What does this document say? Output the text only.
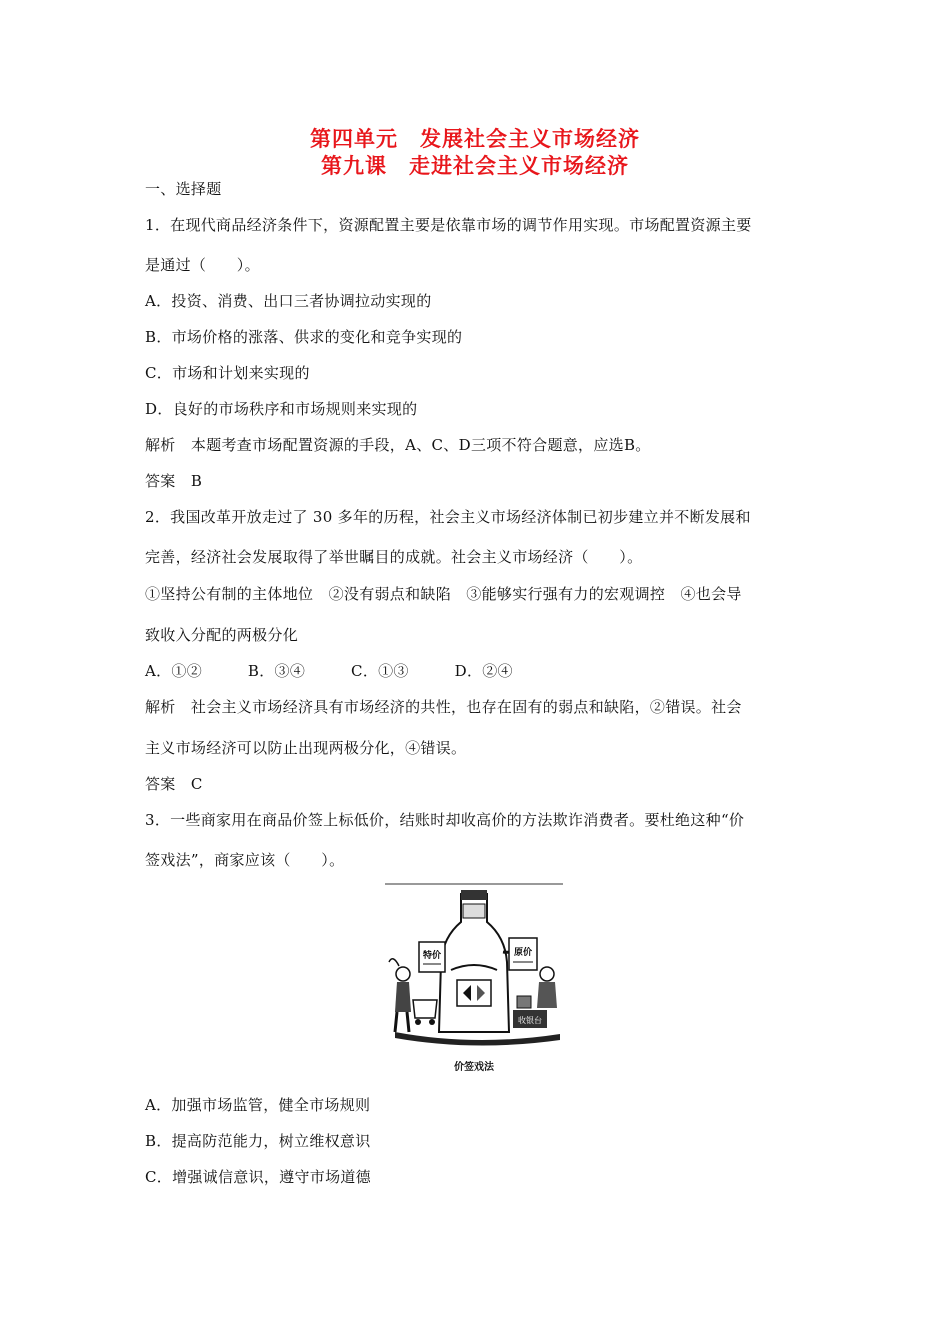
第四单元　发展社会主义市场经济
第九课　走进社会主义市场经济
一、选择题
1．在现代商品经济条件下，资源配置主要是依靠市场的调节作用实现。市场配置资源主要
是通过（　　）。
A．投资、消费、出口三者协调拉动实现的
B．市场价格的涨落、供求的变化和竞争实现的
C．市场和计划来实现的
D．良好的市场秩序和市场规则来实现的
解析　本题考查市场配置资源的手段，A、C、D三项不符合题意，应选B。
答案　B
2．我国改革开放走过了 30 多年的历程，社会主义市场经济体制已初步建立并不断发展和
完善，经济社会发展取得了举世瞩目的成就。社会主义市场经济（　　）。
①坚持公有制的主体地位　②没有弱点和缺陷　③能够实行强有力的宏观调控　④也会导
致收入分配的两极分化
A．①②　　　B．③④　　　C．①③　　　D．②④
解析　社会主义市场经济具有市场经济的共性，也存在固有的弱点和缺陷，②错误。社会
主义市场经济可以防止出现两极分化，④错误。
答案　C
3．一些商家用在商品价签上标低价，结账时却收高价的方法欺诈消费者。要杜绝这种“价
签戏法”，商家应该（　　）。
特价	原价
收银台
价签戏法
A．加强市场监管，健全市场规则
B．提高防范能力，树立维权意识
C．增强诚信意识，遵守市场道德
